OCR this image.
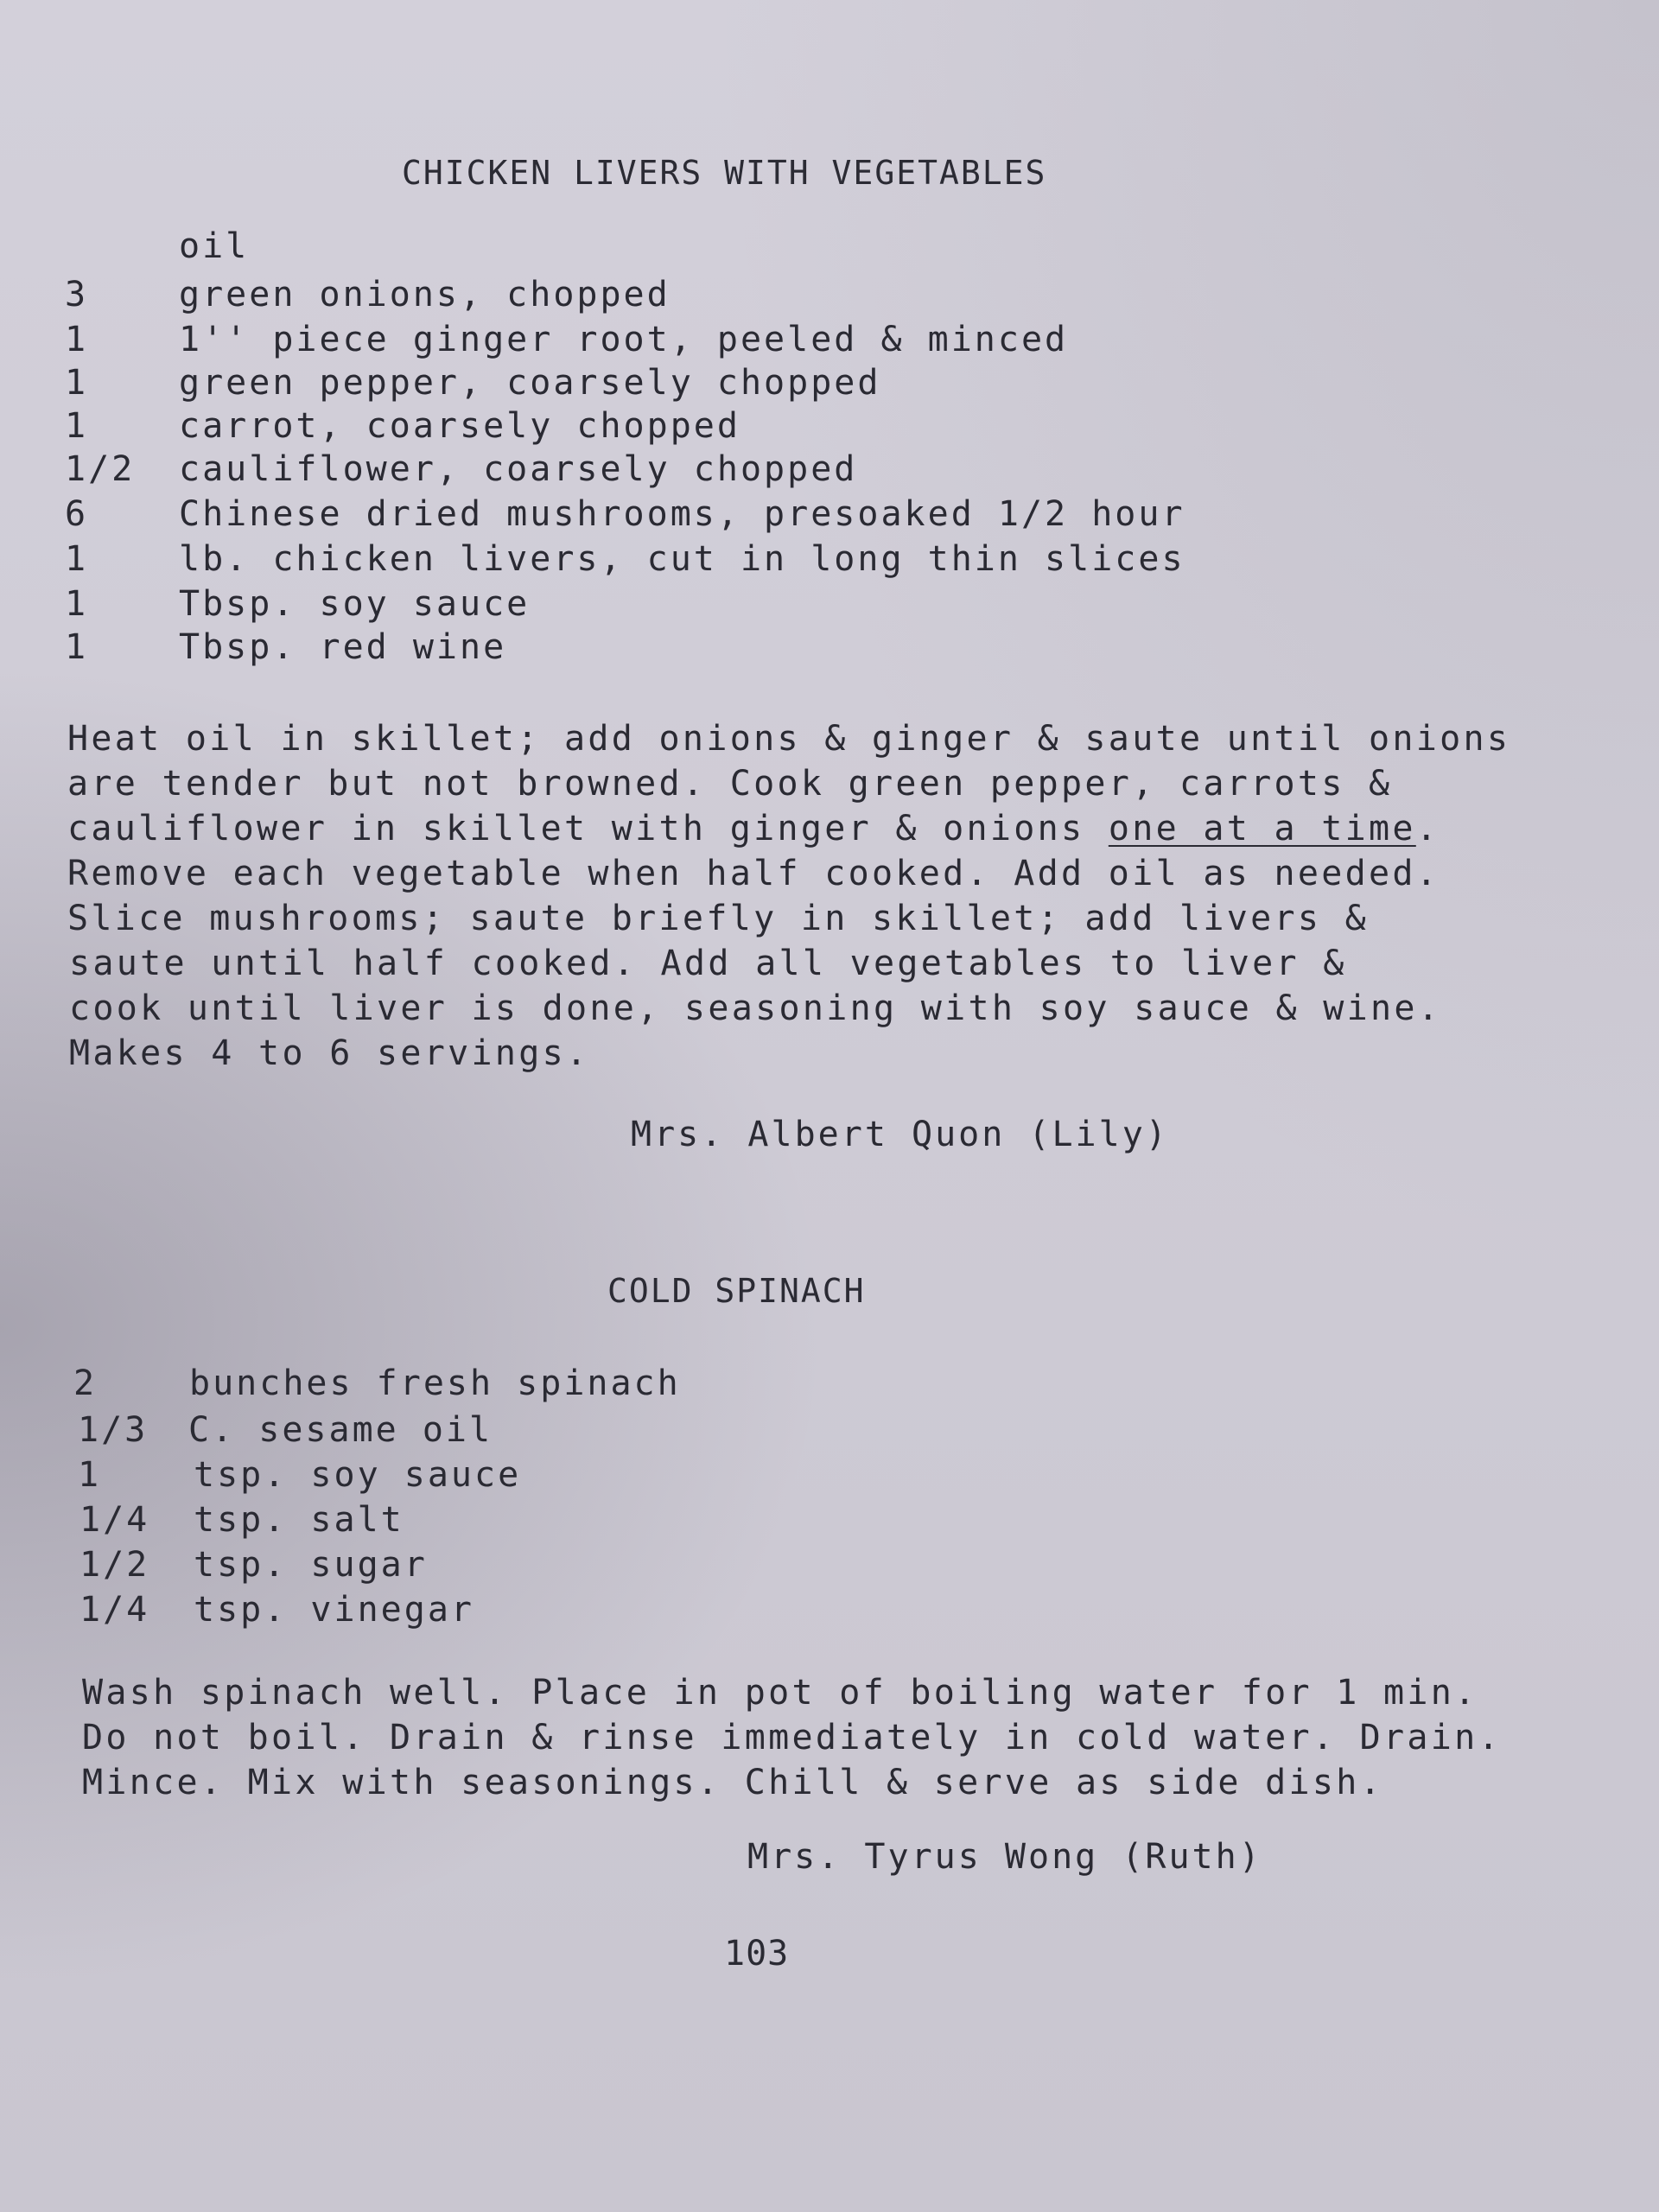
CHICKEN LIVERS WITH VEGETABLES
oil
3	green onions, chopped
1	1'' piece ginger root, peeled & minced
1	green pepper, coarsely chopped
1	carrot, coarsely chopped
1/2 cauliflower, coarsely chopped
6	Chinese dried mushrooms, presoaked 1/2 hour
1	lb. chicken livers, cut in long thin slices
1	Tbsp. soy sauce
1	Tbsp. red wine
Heat oil in skillet; add onions & ginger & saute until onions
are tender but not browned. Cook green pepper, carrots &
cauliflower in skillet with ginger & onions one at a time.
Remove each vegetable when half cooked. Add oil as needed.
Slice mushrooms; saute briefly in skillet; add livers &
saute until half cooked. Add all vegetables to liver &
cook until liver is done, seasoning with soy sauce & wine.
Makes 4 to 6 servings.
Mrs. Albert Quon (Lily)
COLD SPINACH
2	bunches fresh spinach
1/3 C. sesame oil
1	tsp. soy sauce
1/4 tsp. salt
1/2 tsp. sugar
1/4 tsp. vinegar
Wash spinach well. Place in pot of boiling water for 1 min.
Do not boil. Drain & rinse immediately in cold water. Drain.
Mince. Mix with seasonings. Chill & serve as side dish.
Mrs. Tyrus Wong (Ruth)
103
